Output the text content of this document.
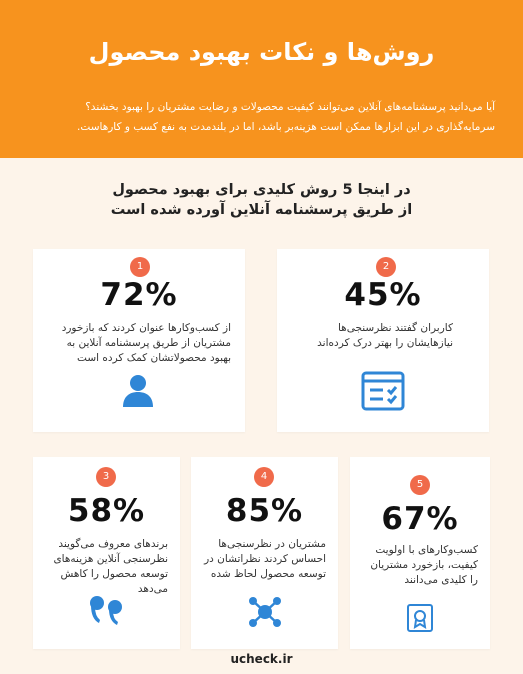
روش‌ها و نکات بهبود محصول
آیا می‌دانید پرسشنامه‌های آنلاین می‌توانند کیفیت محصولات و رضایت مشتریان را بهبود بخشند؟
سرمایه‌گذاری در این ابزارها ممکن است هزینه‌بر باشد، اما در بلندمدت به نفع کسب و کارهاست.
در اینجا 5 روش کلیدی برای بهبود محصول
از طریق پرسشنامه آنلاین آورده شده است
1
72%
از کسب‌وکارها عنوان کردند که بازخورد مشتریان از طریق پرسشنامه آنلاین به بهبود محصولاتشان کمک کرده است
2
45%
کاربران گفتند نظرسنجی‌ها نیازهایشان را بهتر درک کرده‌اند
3
58%
برندهای معروف می‌گویند نظرسنجی آنلاین هزینه‌های توسعه محصول را کاهش می‌دهد
4
85%
مشتریان در نظرسنجی‌ها احساس کردند نظراتشان در توسعه محصول لحاظ شده
5
67%
کسب‌وکارهای با اولویت کیفیت، بازخورد مشتریان را کلیدی می‌دانند
ucheck.ir
